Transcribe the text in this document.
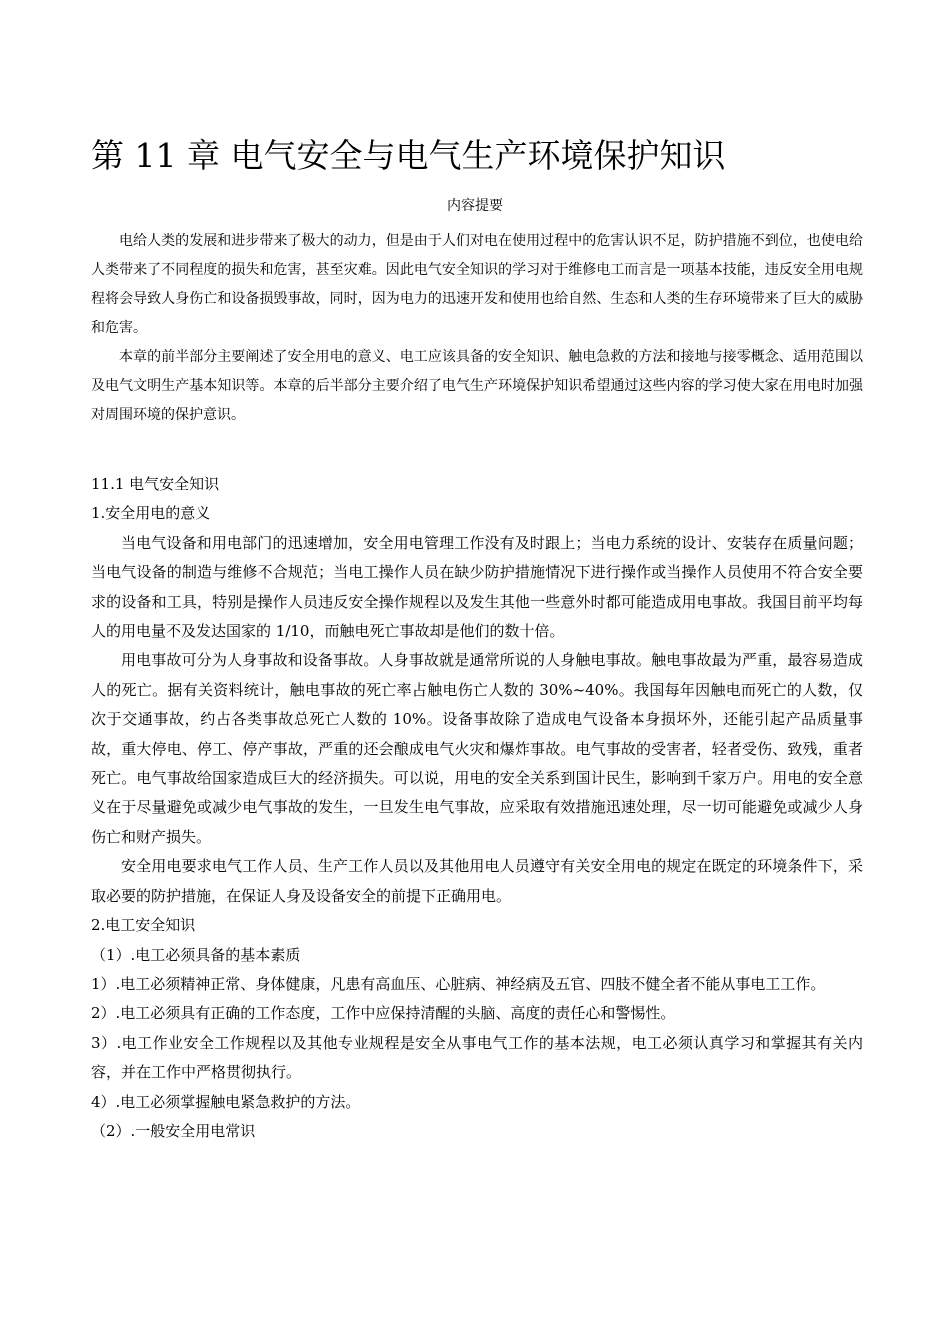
第 11 章 电气安全与电气生产环境保护知识
内容提要

电给人类的发展和进步带来了极大的动力，但是由于人们对电在使用过程中的危害认识不足，防护措施不到位，也使电给人类带来了不同程度的损失和危害，甚至灾难。因此电气安全知识的学习对于维修电工而言是一项基本技能，违反安全用电规程将会导致人身伤亡和设备损毁事故，同时，因为电力的迅速开发和使用也给自然、生态和人类的生存环境带来了巨大的威胁和危害。

本章的前半部分主要阐述了安全用电的意义、电工应该具备的安全知识、触电急救的方法和接地与接零概念、适用范围以及电气文明生产基本知识等。本章的后半部分主要介绍了电气生产环境保护知识希望通过这些内容的学习使大家在用电时加强对周围环境的保护意识。

11.1 电气安全知识

1.安全用电的意义

当电气设备和用电部门的迅速增加，安全用电管理工作没有及时跟上；当电力系统的设计、安装存在质量问题；当电气设备的制造与维修不合规范；当电工操作人员在缺少防护措施情况下进行操作或当操作人员使用不符合安全要求的设备和工具，特别是操作人员违反安全操作规程以及发生其他一些意外时都可能造成用电事故。我国目前平均每人的用电量不及发达国家的 1/10，而触电死亡事故却是他们的数十倍。

用电事故可分为人身事故和设备事故。人身事故就是通常所说的人身触电事故。触电事故最为严重，最容易造成人的死亡。据有关资料统计，触电事故的死亡率占触电伤亡人数的 30%~40%。我国每年因触电而死亡的人数，仅次于交通事故，约占各类事故总死亡人数的 10%。设备事故除了造成电气设备本身损坏外，还能引起产品质量事故，重大停电、停工、停产事故，严重的还会酿成电气火灾和爆炸事故。电气事故的受害者，轻者受伤、致残，重者死亡。电气事故给国家造成巨大的经济损失。可以说，用电的安全关系到国计民生，影响到千家万户。用电的安全意义在于尽量避免或减少电气事故的发生，一旦发生电气事故，应采取有效措施迅速处理，尽一切可能避免或减少人身伤亡和财产损失。

安全用电要求电气工作人员、生产工作人员以及其他用电人员遵守有关安全用电的规定在既定的环境条件下，采取必要的防护措施，在保证人身及设备安全的前提下正确用电。

2.电工安全知识

（1）.电工必须具备的基本素质

1）.电工必须精神正常、身体健康，凡患有高血压、心脏病、神经病及五官、四肢不健全者不能从事电工工作。

2）.电工必须具有正确的工作态度，工作中应保持清醒的头脑、高度的责任心和警惕性。

3）.电工作业安全工作规程以及其他专业规程是安全从事电气工作的基本法规，电工必须认真学习和掌握其有关内容，并在工作中严格贯彻执行。

4）.电工必须掌握触电紧急救护的方法。

（2）.一般安全用电常识
